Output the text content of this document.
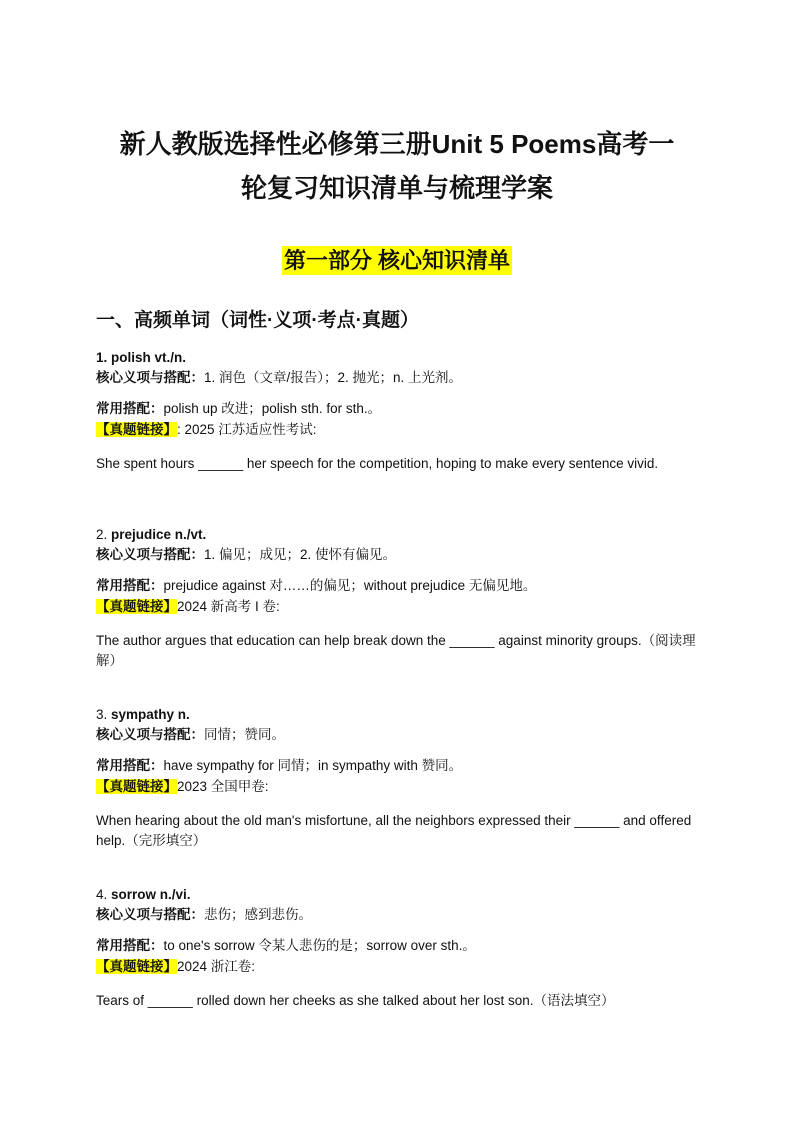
新人教版选择性必修第三册Unit 5 Poems高考一
轮复习知识清单与梳理学案
第一部分 核心知识清单
一、高频单词（词性·义项·考点·真题）

1. polish vt./n.

核心义项与搭配：1. 润色（文章/报告）；2. 抛光；n. 上光剂。

常用搭配：polish up 改进；polish sth. for sth.。

【真题链接】: 2025 江苏适应性考试:

She spent hours ______ her speech for the competition, hoping to make every sentence vivid.

2. prejudice n./vt.

核心义项与搭配：1. 偏见；成见；2. 使怀有偏见。

常用搭配：prejudice against 对……的偏见；without prejudice 无偏见地。

【真题链接】2024 新高考 I 卷:

The author argues that education can help break down the ______ against minority groups.（阅读理解）

3. sympathy n.

核心义项与搭配：同情；赞同。

常用搭配：have sympathy for 同情；in sympathy with 赞同。

【真题链接】2023 全国甲卷:

When hearing about the old man's misfortune, all the neighbors expressed their ______ and offered help.（完形填空）

4. sorrow n./vi.

核心义项与搭配：悲伤；感到悲伤。

常用搭配：to one's sorrow 令某人悲伤的是；sorrow over sth.。

【真题链接】2024 浙江卷:

Tears of ______ rolled down her cheeks as she talked about her lost son.（语法填空）
